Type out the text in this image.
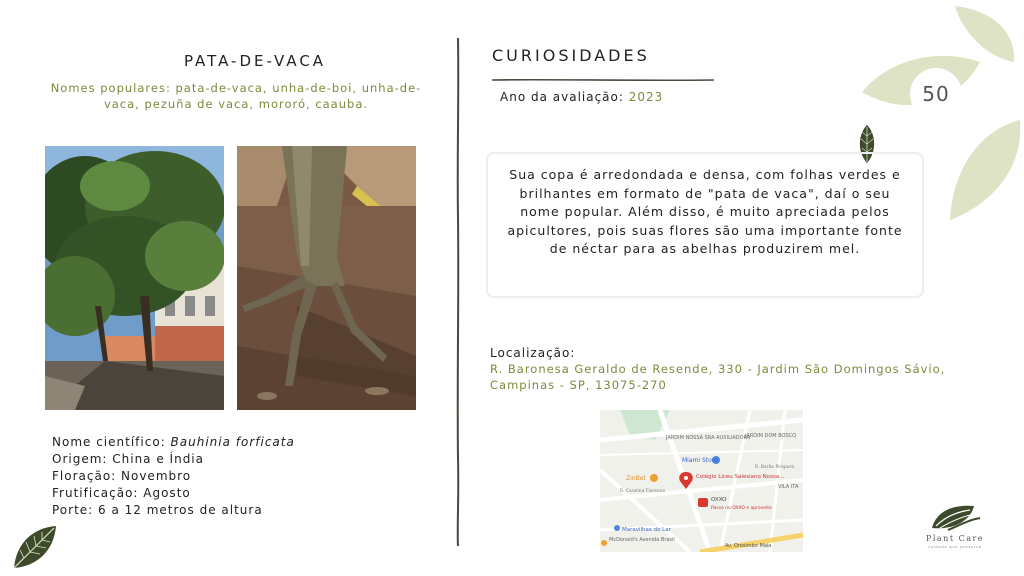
PATA-DE-VACA
Nomes populares: pata-de-vaca, unha-de-boi, unha-de-vaca, pezuña de vaca, mororó, caauba.
Nome científico: Bauhinia forficata
Origem: China e Índia
Floração: Novembro
Frutificação: Agosto
Porte: 6 a 12 metros de altura
CURIOSIDADES
Ano da avaliação: 2023	50
Sua copa é arredondada e densa, com folhas verdes e brilhantes em formato de "pata de vaca", daí o seu nome popular. Além disso, é muito apreciada pelos apicultores, pois suas flores são uma importante fonte de néctar para as abelhas produzirem mel.
Localização:
R. Baronesa Geraldo de Resende, 330 - Jardim São Domingos Sávio, Campinas - SP, 13075-270
JARDIM NOSSA SRA AUXILIADORA
JARDIM DOM BOSCO
Miami Store
ZinBet	Colégio Liceu Salesiano Nossa...
OXXO
Passe no OXXO e aproveite
Maravilhas do Lar
McDonald's Avenida Brasil
Av. Orosimbo Maia
R. Carolina Florence
R. Barão Pirapora
VILA ITA
Plant Care
cuidado que preserva
